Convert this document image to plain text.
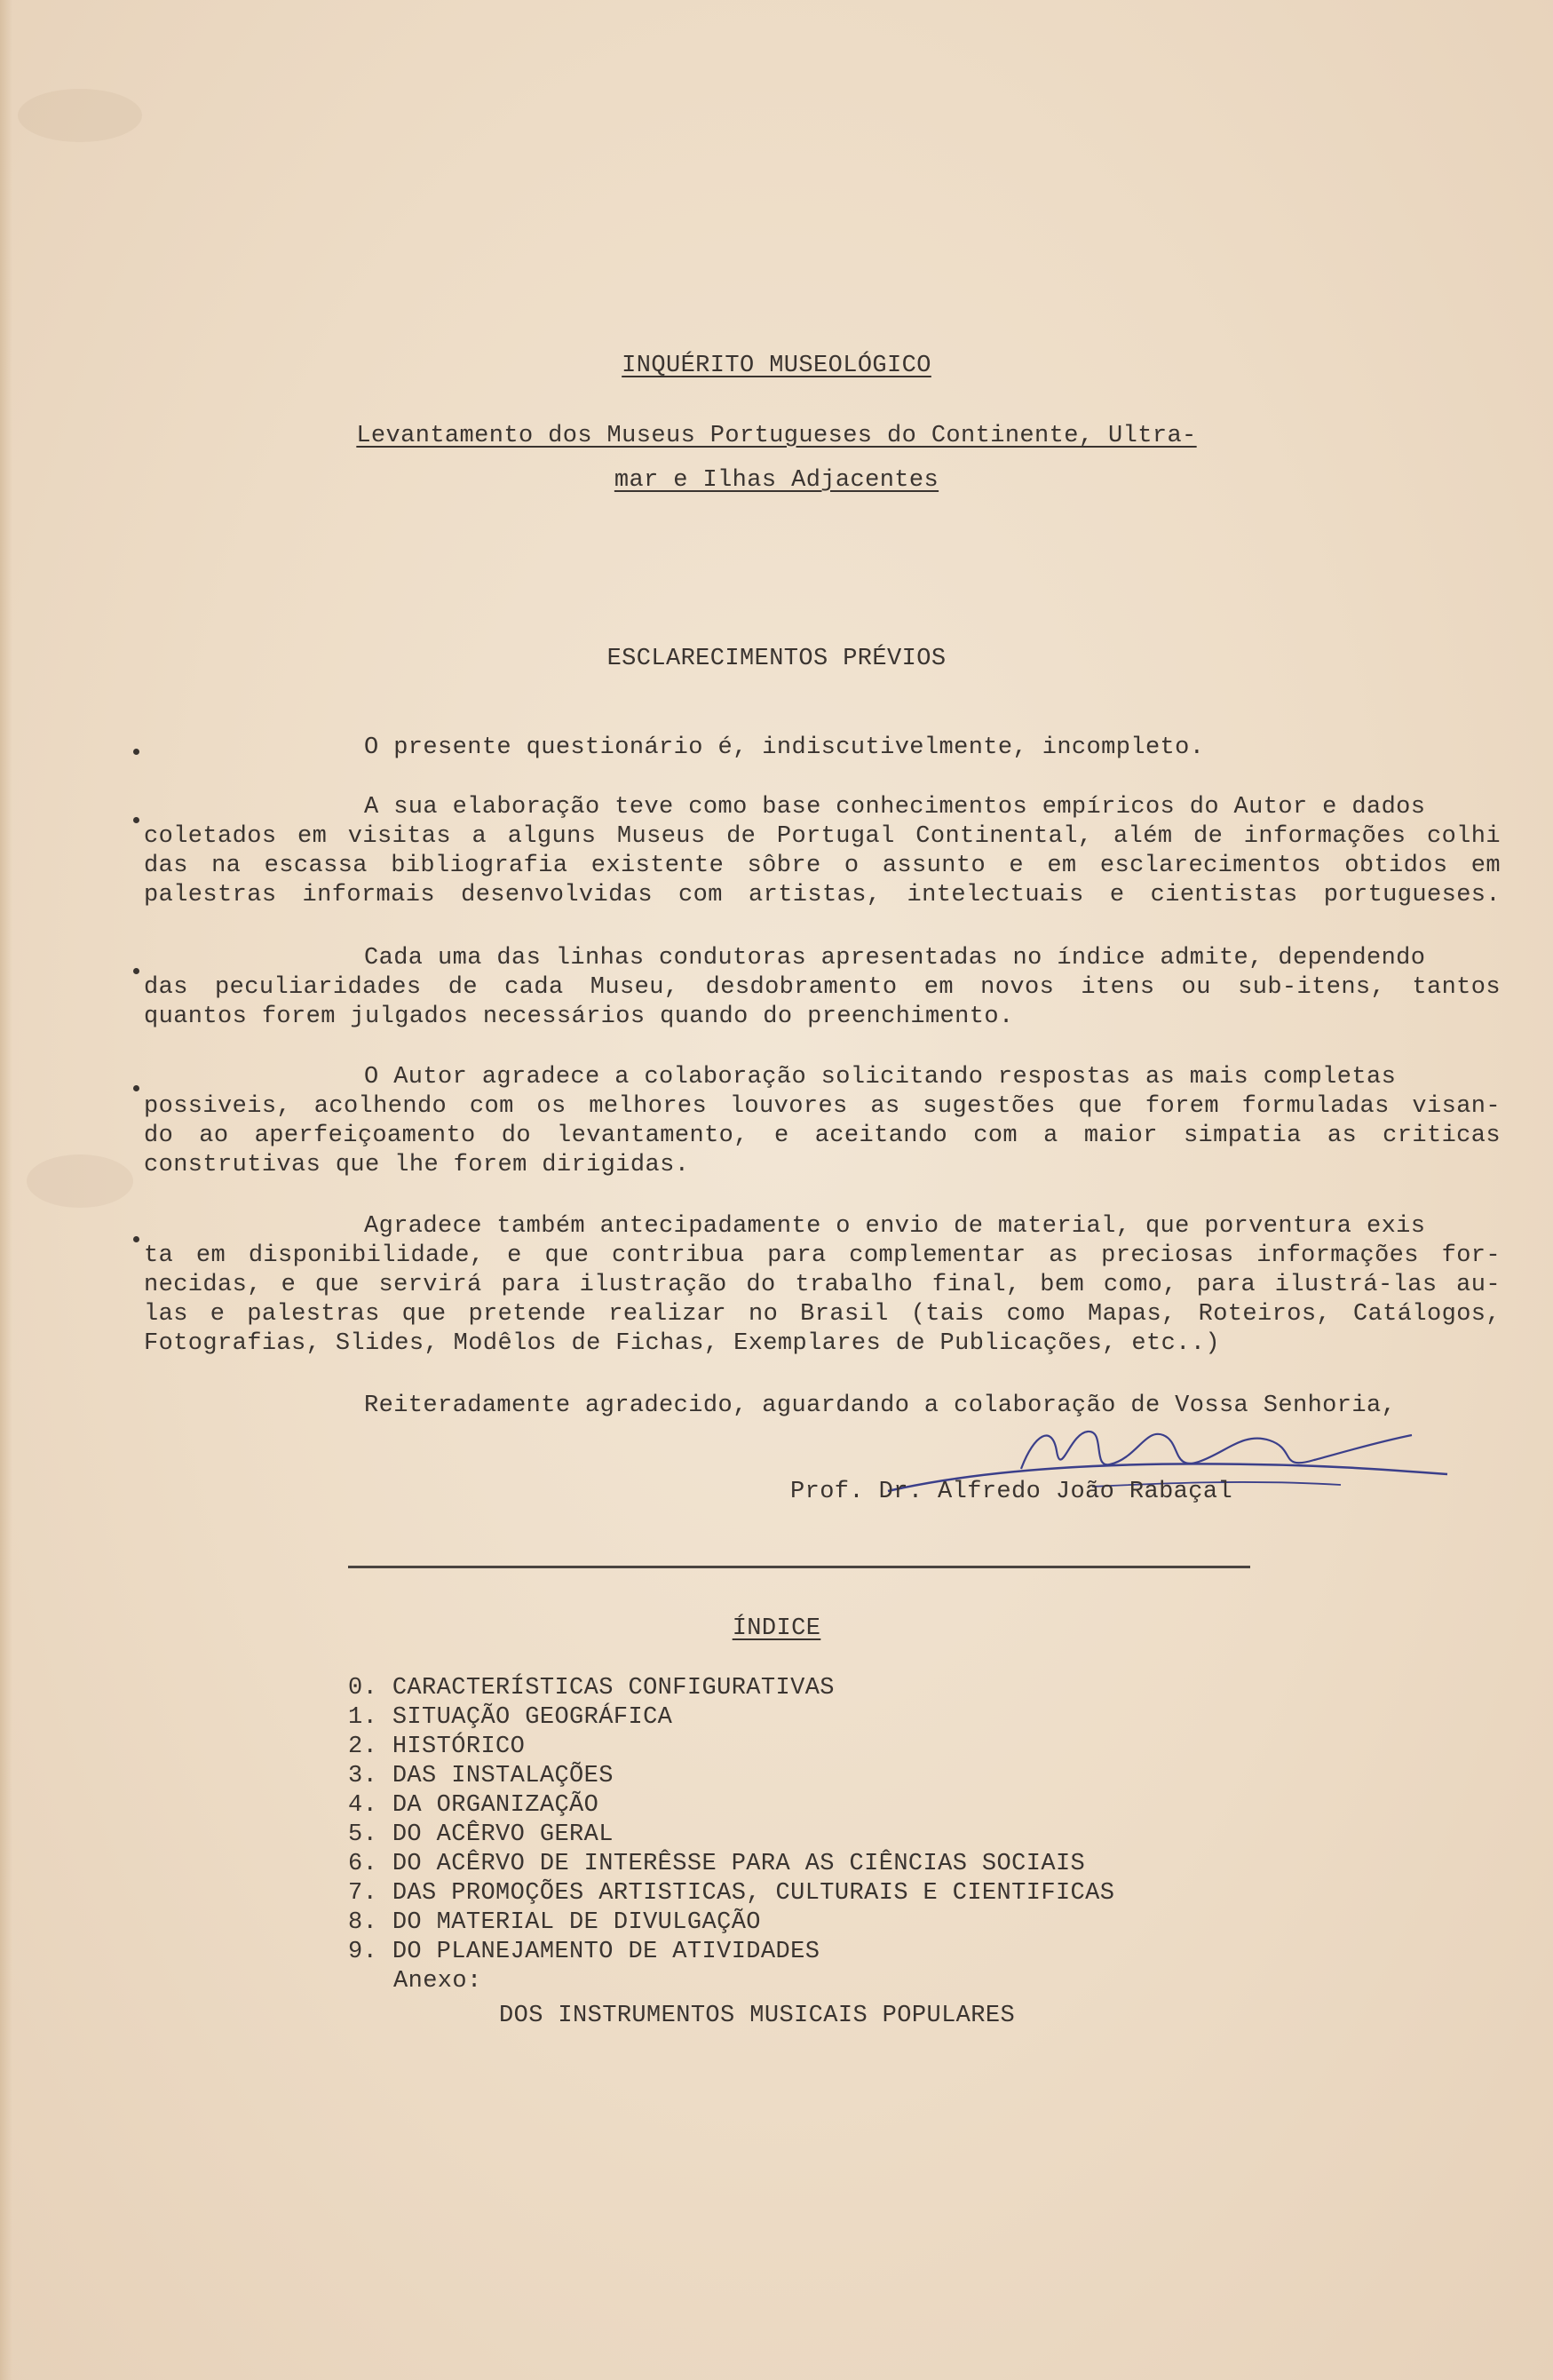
INQUÉRITO MUSEOLÓGICO
Levantamento dos Museus Portugueses do Continente, Ultra-
mar e Ilhas Adjacentes
ESCLARECIMENTOS PRÉVIOS
O presente questionário é, indiscutivelmente, incompleto.
A sua elaboração teve como base conhecimentos empíricos do Autor e dados
coletados em visitas a alguns Museus de Portugal Continental, além de informações colhi
das na escassa bibliografia existente sôbre o assunto e em esclarecimentos obtidos em
palestras informais desenvolvidas com artistas, intelectuais e cientistas portugueses.
Cada uma das linhas condutoras apresentadas no índice admite, dependendo
das peculiaridades de cada Museu, desdobramento em novos itens ou sub-itens, tantos
quantos forem julgados necessários quando do preenchimento.
O Autor agradece a colaboração solicitando respostas as mais completas
possiveis, acolhendo com os melhores louvores as sugestões que forem formuladas visan-
do ao aperfeiçoamento do levantamento, e aceitando com a maior simpatia as criticas
construtivas que lhe forem dirigidas.
Agradece também antecipadamente o envio de material, que porventura exis
ta em disponibilidade, e que contribua para complementar as preciosas informações for-
necidas, e que servirá para ilustração do trabalho final, bem como, para ilustrá-las au-
las e palestras que pretende realizar no Brasil (tais como Mapas, Roteiros, Catálogos,
Fotografias, Slides, Modêlos de Fichas, Exemplares de Publicações, etc..)
Reiteradamente agradecido, aguardando a colaboração de Vossa Senhoria,
Prof. Dr. Alfredo João Rabaçal
ÍNDICE
0. CARACTERÍSTICAS CONFIGURATIVAS
1. SITUAÇÃO GEOGRÁFICA
2. HISTÓRICO
3. DAS INSTALAÇÕES
4. DA ORGANIZAÇÃO
5. DO ACÊRVO GERAL
6. DO ACÊRVO DE INTERÊSSE PARA AS CIÊNCIAS SOCIAIS
7. DAS PROMOÇÕES ARTISTICAS, CULTURAIS E CIENTIFICAS
8. DO MATERIAL DE DIVULGAÇÃO
9. DO PLANEJAMENTO DE ATIVIDADES
Anexo:
DOS INSTRUMENTOS MUSICAIS POPULARES
